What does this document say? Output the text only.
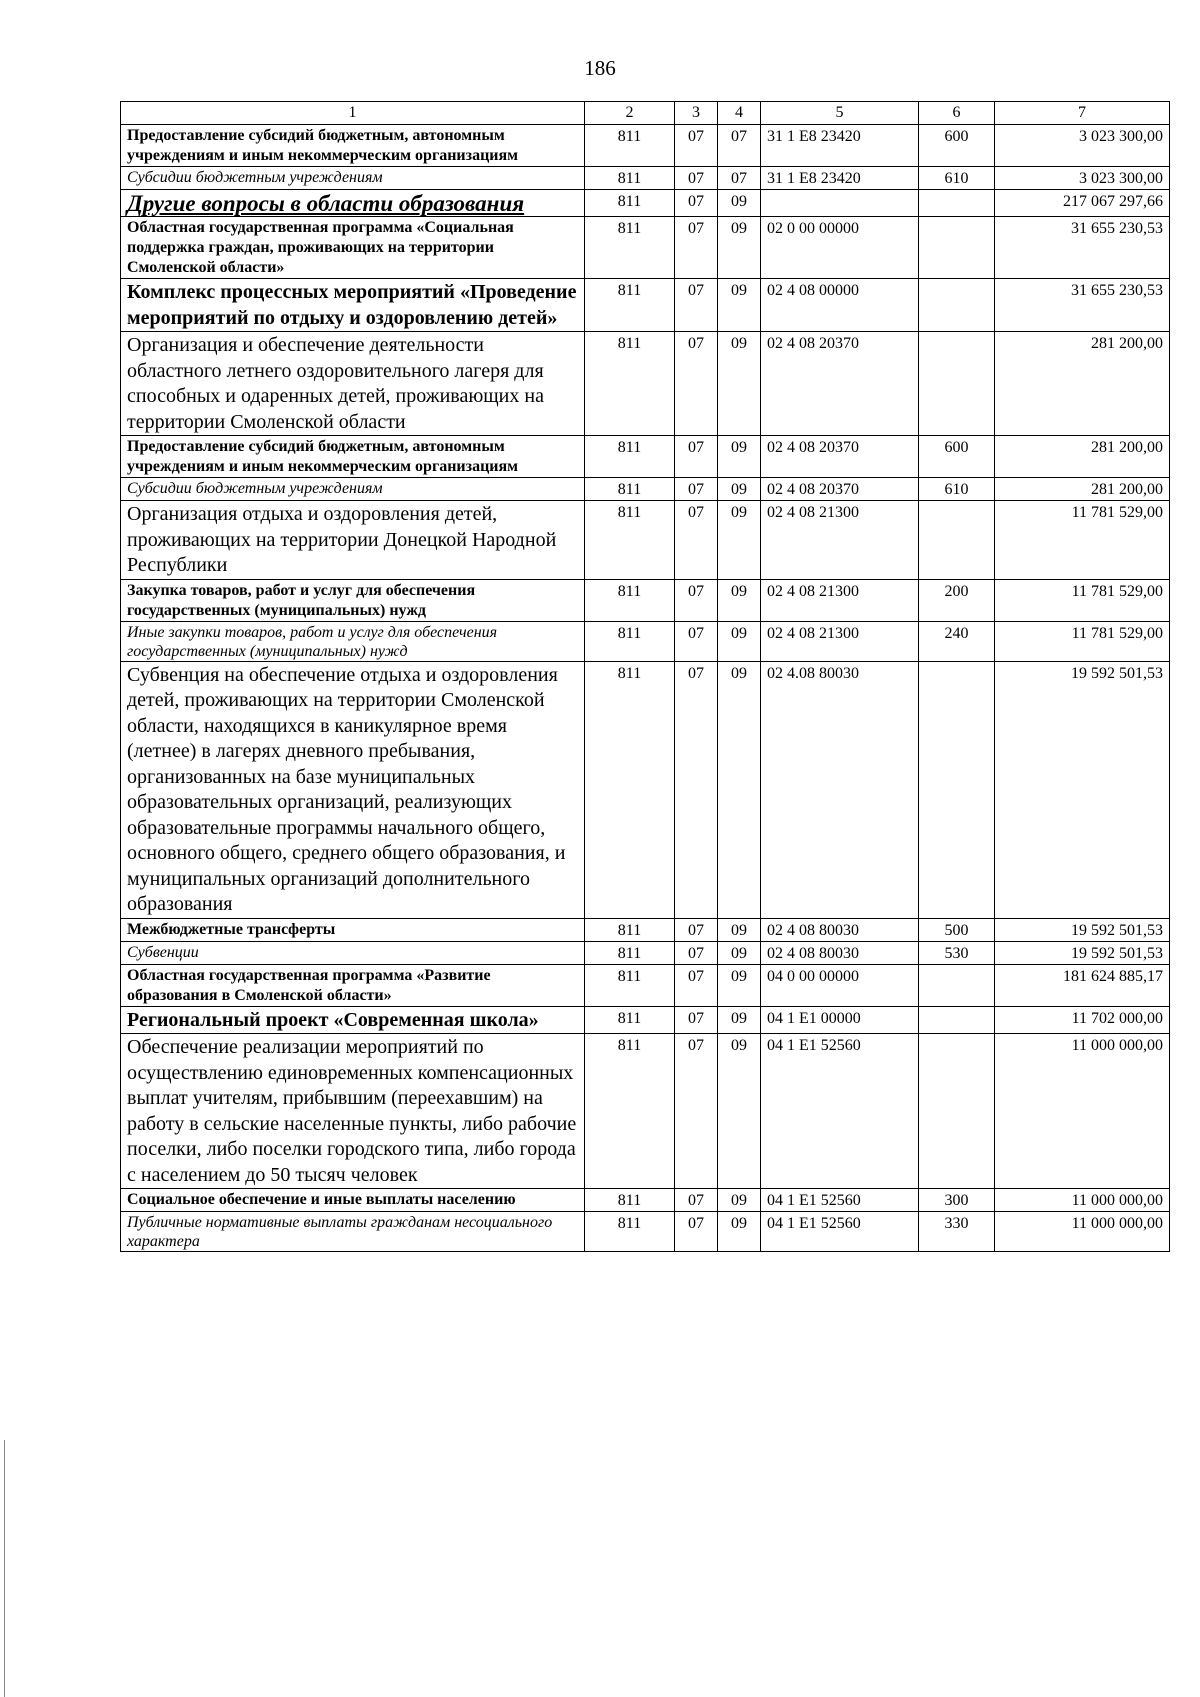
186
1	2	3	4	5	6	7
Предоставление субсидий бюджетным, автономным учреждениям и иным некоммерческим организациям	811	07	07	31 1 E8 23420	600	3 023 300,00
Субсидии бюджетным учреждениям	811	07	07	31 1 E8 23420	610	3 023 300,00
Другие вопросы в области образования	811	07	09			217 067 297,66
Областная государственная программа «Социальная поддержка граждан, проживающих на территории Смоленской области»	811	07	09	02 0 00 00000		31 655 230,53
Комплекс процессных мероприятий «Проведение мероприятий по отдыху и оздоровлению детей»	811	07	09	02 4 08 00000		31 655 230,53
Организация и обеспечение деятельности областного летнего оздоровительного лагеря для способных и одаренных детей, проживающих на территории Смоленской области	811	07	09	02 4 08 20370		281 200,00
Предоставление субсидий бюджетным, автономным учреждениям и иным некоммерческим организациям	811	07	09	02 4 08 20370	600	281 200,00
Субсидии бюджетным учреждениям	811	07	09	02 4 08 20370	610	281 200,00
Организация отдыха и оздоровления детей, проживающих на территории Донецкой Народной Республики	811	07	09	02 4 08 21300		11 781 529,00
Закупка товаров, работ и услуг для обеспечения государственных (муниципальных) нужд	811	07	09	02 4 08 21300	200	11 781 529,00
Иные закупки товаров, работ и услуг для обеспечения государственных (муниципальных) нужд	811	07	09	02 4 08 21300	240	11 781 529,00
Субвенция на обеспечение отдыха и оздоровления детей, проживающих на территории Смоленской области, находящихся в каникулярное время (летнее) в лагерях дневного пребывания, организованных на базе муниципальных образовательных организаций, реализующих образовательные программы начального общего, основного общего, среднего общего образования, и муниципальных организаций дополнительного образования	811	07	09	02 4.08 80030		19 592 501,53
Межбюджетные трансферты	811	07	09	02 4 08 80030	500	19 592 501,53
Субвенции	811	07	09	02 4 08 80030	530	19 592 501,53
Областная государственная программа «Развитие образования в Смоленской области»	811	07	09	04 0 00 00000		181 624 885,17
Региональный проект «Современная школа»	811	07	09	04 1 E1 00000		11 702 000,00
Обеспечение реализации мероприятий по осуществлению единовременных компенсационных выплат учителям, прибывшим (переехавшим) на работу в сельские населенные пункты, либо рабочие поселки, либо поселки городского типа, либо города с населением до 50 тысяч человек	811	07	09	04 1 E1 52560		11 000 000,00
Социальное обеспечение и иные выплаты населению	811	07	09	04 1 E1 52560	300	11 000 000,00
Публичные нормативные выплаты гражданам несоциального характера	811	07	09	04 1 E1 52560	330	11 000 000,00
